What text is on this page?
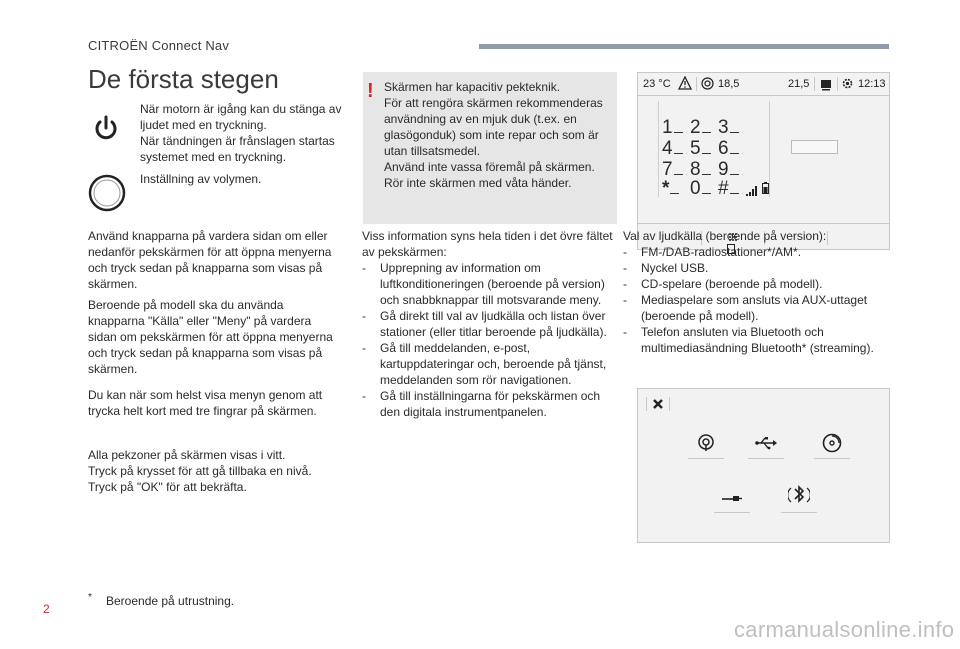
CITROËN Connect Nav
De första stegen
När motorn är igång kan du stänga av ljudet med en tryckning.
När tändningen är frånslagen startas systemet med en tryckning.
Inställning av volymen.
Använd knapparna på vardera sidan om eller nedanför pekskärmen för att öppna menyerna och tryck sedan på knapparna som visas på skärmen.
Beroende på modell ska du använda knapparna "Källa" eller "Meny" på vardera sidan om pekskärmen för att öppna menyerna och tryck sedan på knapparna som visas på skärmen.
Du kan när som helst visa menyn genom att trycka helt kort med tre fingrar på skärmen.
Alla pekzoner på skärmen visas i vitt.
Tryck på krysset för att gå tillbaka en nivå.
Tryck på "OK" för att bekräfta.
! Skärmen har kapacitiv pekteknik.
För att rengöra skärmen rekommenderas användning av en mjuk duk (t.ex. en glasögonduk) som inte repar och som är utan tillsatsmedel.
Använd inte vassa föremål på skärmen.
Rör inte skärmen med våta händer.

Viss information syns hela tiden i det övre fältet av pekskärmen:

- Upprepning av information om luftkonditioneringen (beroende på version) och snabbknappar till motsvarande meny.
- Gå direkt till val av ljudkälla och listan över stationer (eller titlar beroende på ljudkälla).
- Gå till meddelanden, e-post, kartuppdateringar och, beroende på tjänst, meddelanden som rör navigationen.
- Gå till inställningarna för pekskärmen och den digitala instrumentpanelen.
23 °C	18,5	21,5	12:13
1 2 3
4 5 6
7 8 9
*	0 #

Val av ljudkälla (beroende på version):

- FM-/DAB-radiostationer*/AM*.
- Nyckel USB.
- CD-spelare (beroende på modell).
- Mediaspelare som ansluts via AUX-uttaget (beroende på modell).
- Telefon ansluten via Bluetooth och multimediasändning Bluetooth* (streaming).
* Beroende på utrustning.
2
carmanualsonline.info
